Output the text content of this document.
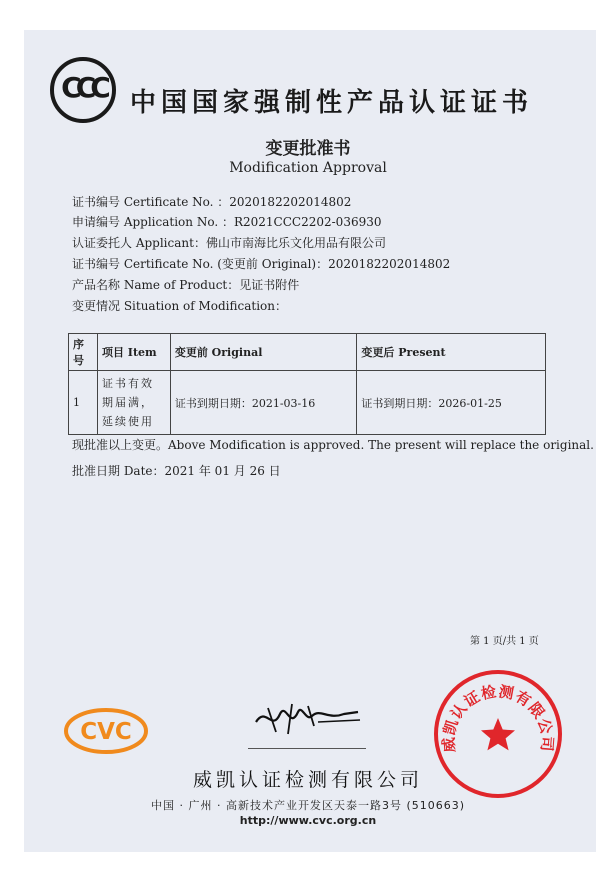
CCC 中国国家强制性产品认证证书
变更批准书
Modification Approval
证书编号 Certificate No. ：2020182202014802
申请编号 Application No. ：R2021CCC2202-036930
认证委托人 Applicant：佛山市南海比乐文化用品有限公司
证书编号 Certificate No. (变更前 Original)：2020182202014802
产品名称 Name of Product：见证书附件
变更情况 Situation of Modification：
序号	项目 Item	变更前 Original	变更后 Present
1	证书有效期届满，延续使用	证书到期日期：2021-03-16	证书到期日期：2026-01-25
现批准以上变更。Above Modification is approved. The present will replace the original.
批准日期 Date：2021 年 01 月 26 日
第 1 页/共 1 页
CVC	威凯认证检测有限公司
威凯认证检测有限公司
中国 · 广州 · 高新技术产业开发区天泰一路3号 (510663)
http://www.cvc.org.cn
